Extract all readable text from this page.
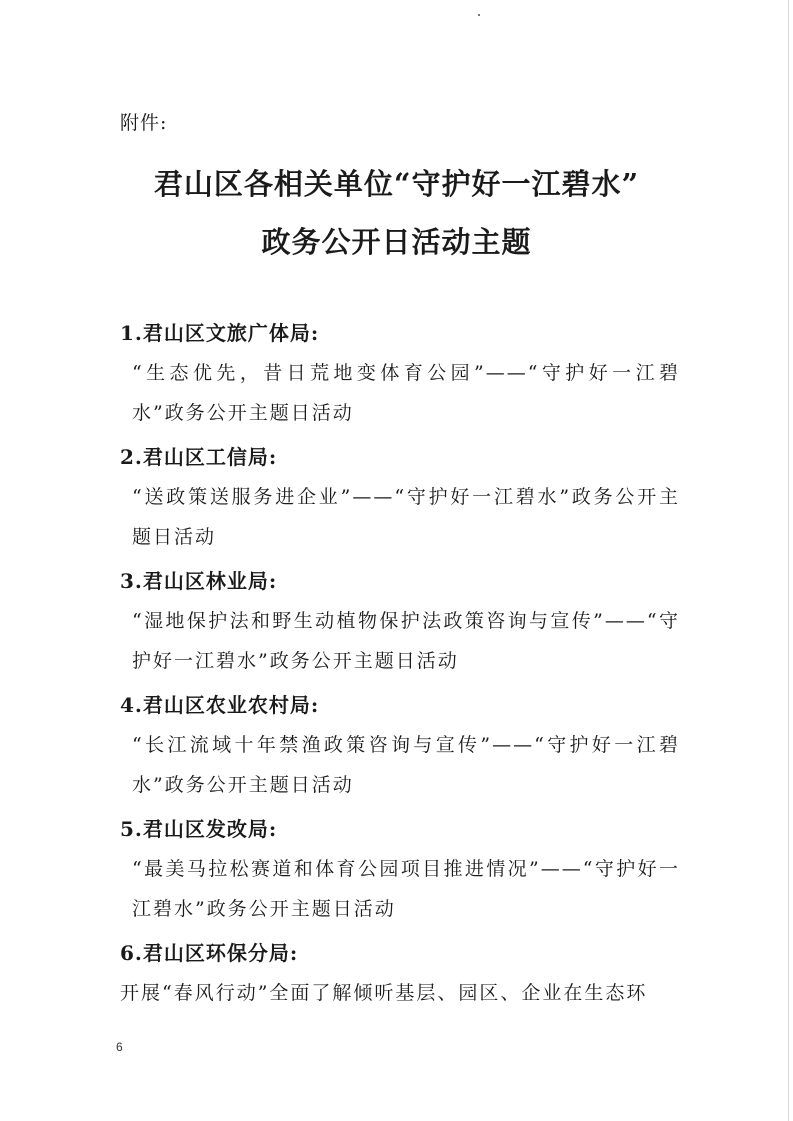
附件:
君山区各相关单位“守护好一江碧水”
政务公开日活动主题
1.君山区文旅广体局:
“生态优先，昔日荒地变体育公园”——“守护好一江碧水”政务公开主题日活动
2.君山区工信局:
“送政策送服务进企业”——“守护好一江碧水”政务公开主题日活动
3.君山区林业局:
“湿地保护法和野生动植物保护法政策咨询与宣传”——“守护好一江碧水”政务公开主题日活动
4.君山区农业农村局:
“长江流域十年禁渔政策咨询与宣传”——“守护好一江碧水”政务公开主题日活动
5.君山区发改局:
“最美马拉松赛道和体育公园项目推进情况”——“守护好一江碧水”政务公开主题日活动
6.君山区环保分局:
开展“春风行动”全面了解倾听基层、园区、企业在生态环
6
